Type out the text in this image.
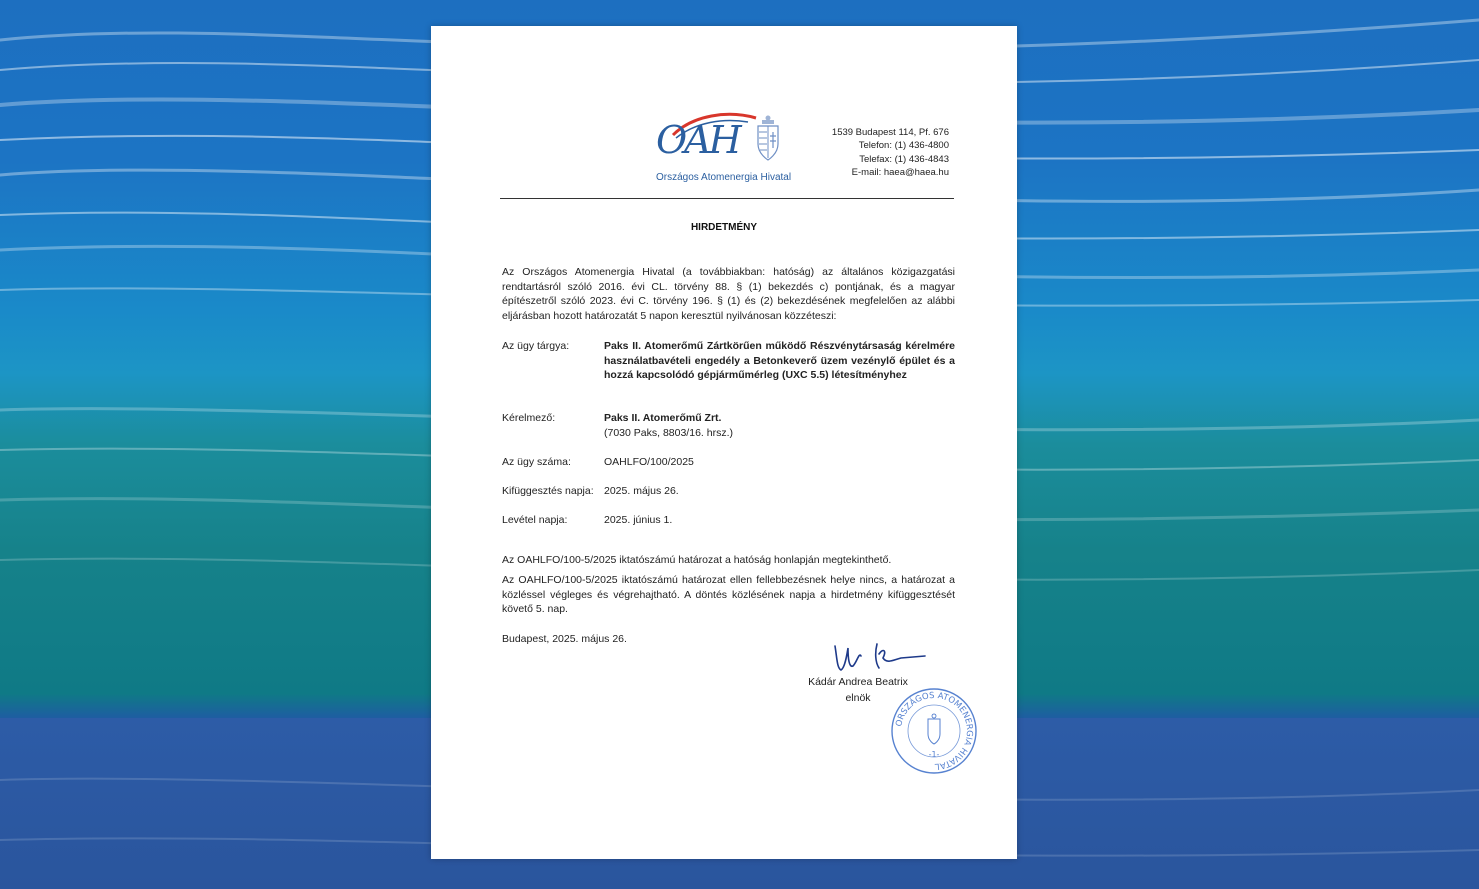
OAH
Országos Atomenergia Hivatal
1539 Budapest 114, Pf. 676
Telefon: (1) 436-4800
Telefax: (1) 436-4843
E-mail: haea@haea.hu
HIRDETMÉNY
Az Országos Atomenergia Hivatal (a továbbiakban: hatóság) az általános közigazgatási rendtartásról szóló 2016. évi CL. törvény 88. § (1) bekezdés c) pontjának, és a magyar építészetről szóló 2023. évi C. törvény 196. § (1) és (2) bekezdésének megfelelően az alábbi eljárásban hozott határozatát 5 napon keresztül nyilvánosan közzéteszi:
Az ügy tárgya:	Paks II. Atomerőmű Zártkörűen működő Részvénytársaság kérelmére használatbavételi engedély a Betonkeverő üzem vezénylő épület és a hozzá kapcsolódó gépjárműmérleg (UXC 5.5) létesítményhez
Kérelmező:	Paks II. Atomerőmű Zrt.
(7030 Paks, 8803/16. hrsz.)
Az ügy száma:	OAHLFO/100/2025
Kifüggesztés napja: 2025. május 26.
Levétel napja:	2025. június 1.
Az OAHLFO/100-5/2025 iktatószámú határozat a hatóság honlapján megtekinthető.
Az OAHLFO/100-5/2025 iktatószámú határozat ellen fellebbezésnek helye nincs, a határozat a közléssel végleges és végrehajtható. A döntés közlésének napja a hirdetmény kifüggesztését követő 5. nap.
Budapest, 2025. május 26.
Kádár Andrea Beatrix
elnök
ORSZÁGOS ATOMENERGIA HIVATAL
-1-
